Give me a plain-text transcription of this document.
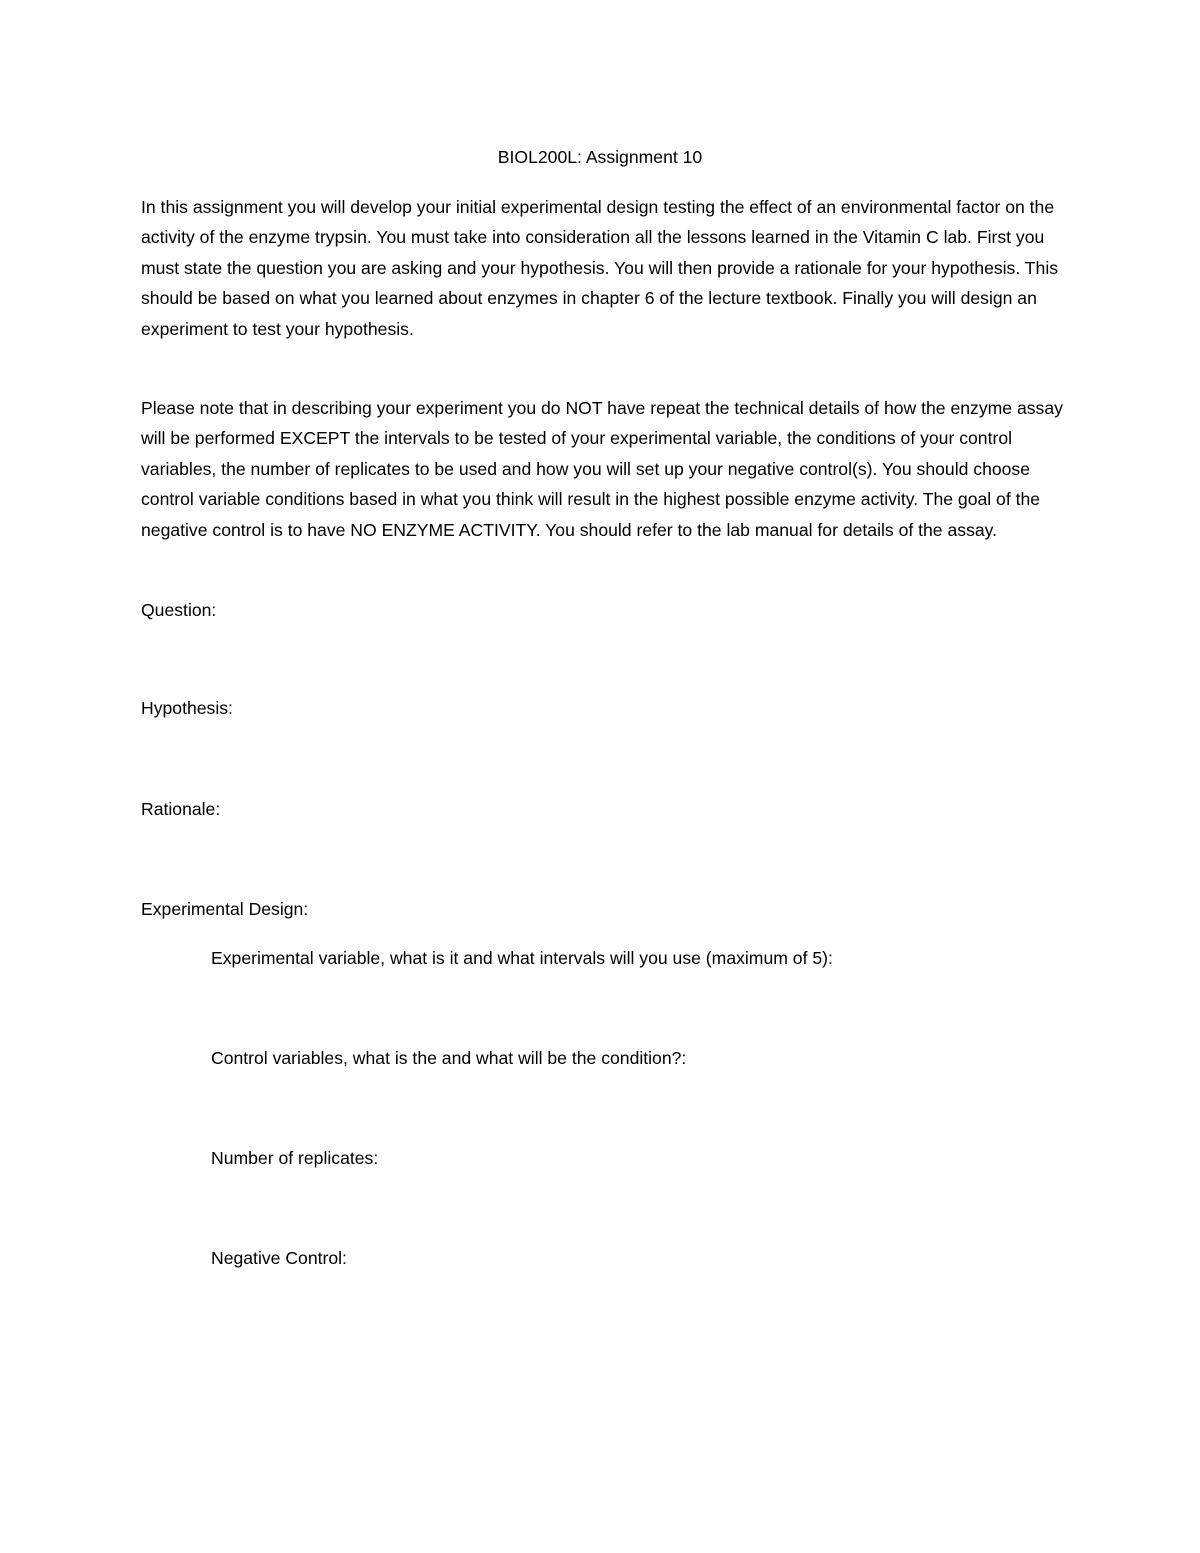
BIOL200L: Assignment 10

In this assignment you will develop your initial experimental design testing the effect of an environmental factor on the activity of the enzyme trypsin. You must take into consideration all the lessons learned in the Vitamin C lab. First you must state the question you are asking and your hypothesis. You will then provide a rationale for your hypothesis. This should be based on what you learned about enzymes in chapter 6 of the lecture textbook. Finally you will design an experiment to test your hypothesis.

Please note that in describing your experiment you do NOT have repeat the technical details of how the enzyme assay will be performed EXCEPT the intervals to be tested of your experimental variable, the conditions of your control variables, the number of replicates to be used and how you will set up your negative control(s). You should choose control variable conditions based in what you think will result in the highest possible enzyme activity. The goal of the negative control is to have NO ENZYME ACTIVITY. You should refer to the lab manual for details of the assay.

Question:

Hypothesis:

Rationale:

Experimental Design:

Experimental variable, what is it and what intervals will you use (maximum of 5):

Control variables, what is the and what will be the condition?:

Number of replicates:

Negative Control:
